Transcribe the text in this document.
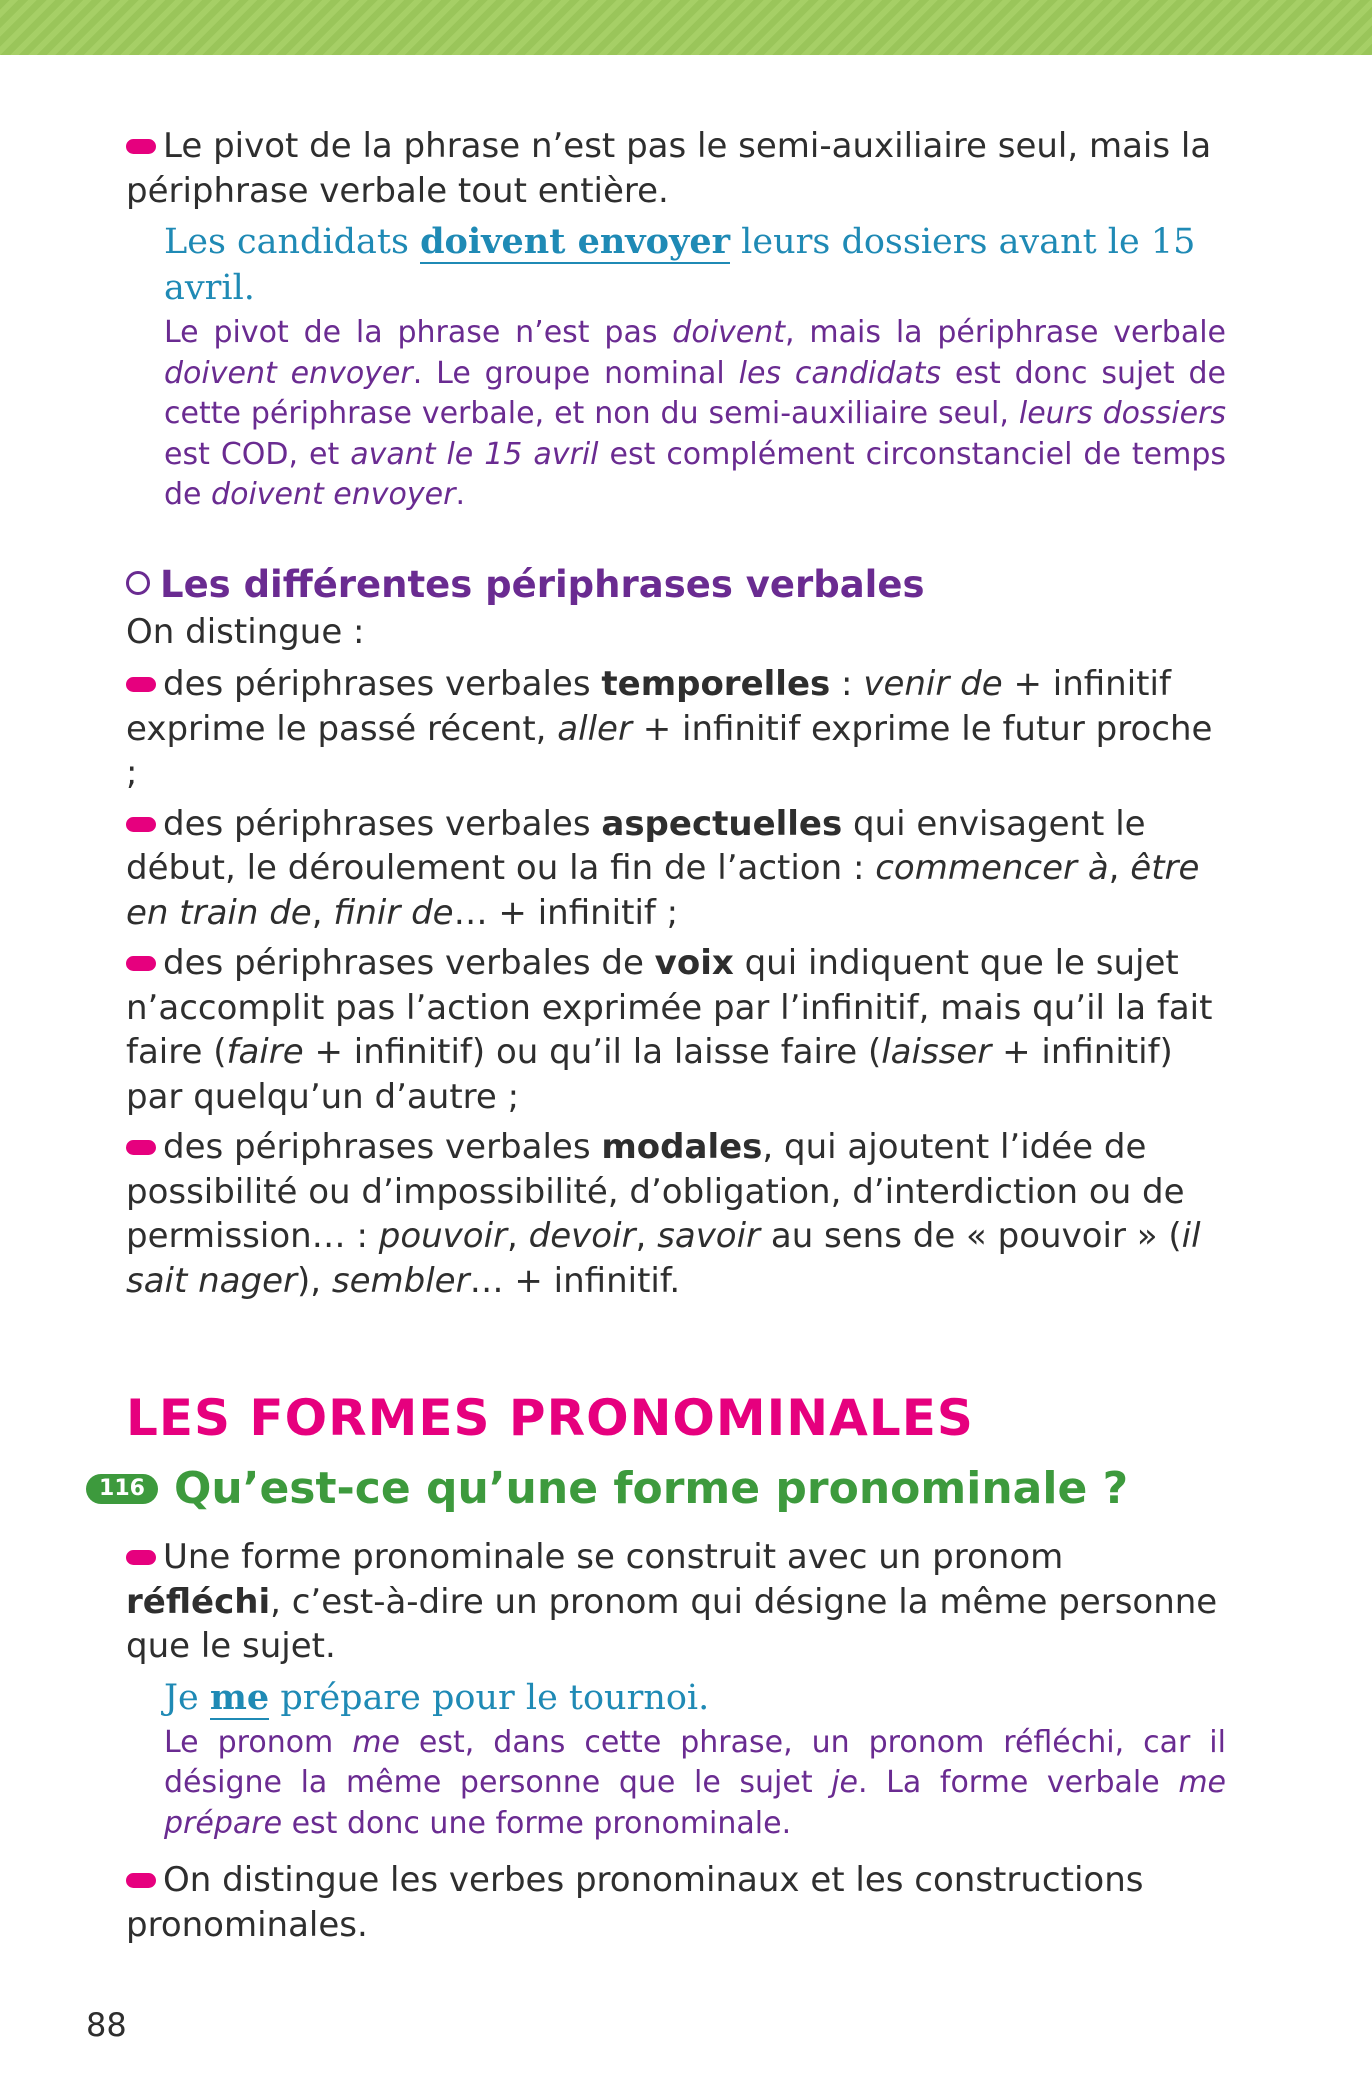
Le pivot de la phrase n’est pas le semi-auxiliaire seul, mais la périphrase verbale tout entière.

Les candidats doivent envoyer leurs dossiers avant le 15 avril.
Le pivot de la phrase n’est pas doivent, mais la périphrase verbale doivent envoyer. Le groupe nominal les candidats est donc sujet de cette périphrase verbale, et non du semi-auxiliaire seul, leurs dossiers est COD, et avant le 15 avril est complément circonstanciel de temps de doivent envoyer.
Les différentes périphrases verbales

On distingue :

des périphrases verbales temporelles : venir de + infinitif exprime le passé récent, aller + infinitif exprime le futur proche ;

des périphrases verbales aspectuelles qui envisagent le début, le déroulement ou la fin de l’action : commencer à, être en train de, finir de… + infinitif ;

des périphrases verbales de voix qui indiquent que le sujet n’accomplit pas l’action exprimée par l’infinitif, mais qu’il la fait faire (faire + infinitif) ou qu’il la laisse faire (laisser + infinitif) par quelqu’un d’autre ;

des périphrases verbales modales, qui ajoutent l’idée de possibilité ou d’impossibilité, d’obligation, d’interdiction ou de permission… : pouvoir, devoir, savoir au sens de « pouvoir » (il sait nager), sembler… + infinitif.

LES FORMES PRONOMINALES
116 Qu’est-ce qu’une forme pronominale ?

Une forme pronominale se construit avec un pronom réfléchi, c’est-à-dire un pronom qui désigne la même personne que le sujet.

Je me prépare pour le tournoi.
Le pronom me est, dans cette phrase, un pronom réfléchi, car il désigne la même personne que le sujet je. La forme verbale me prépare est donc une forme pronominale.

On distingue les verbes pronominaux et les constructions pronominales.

88
